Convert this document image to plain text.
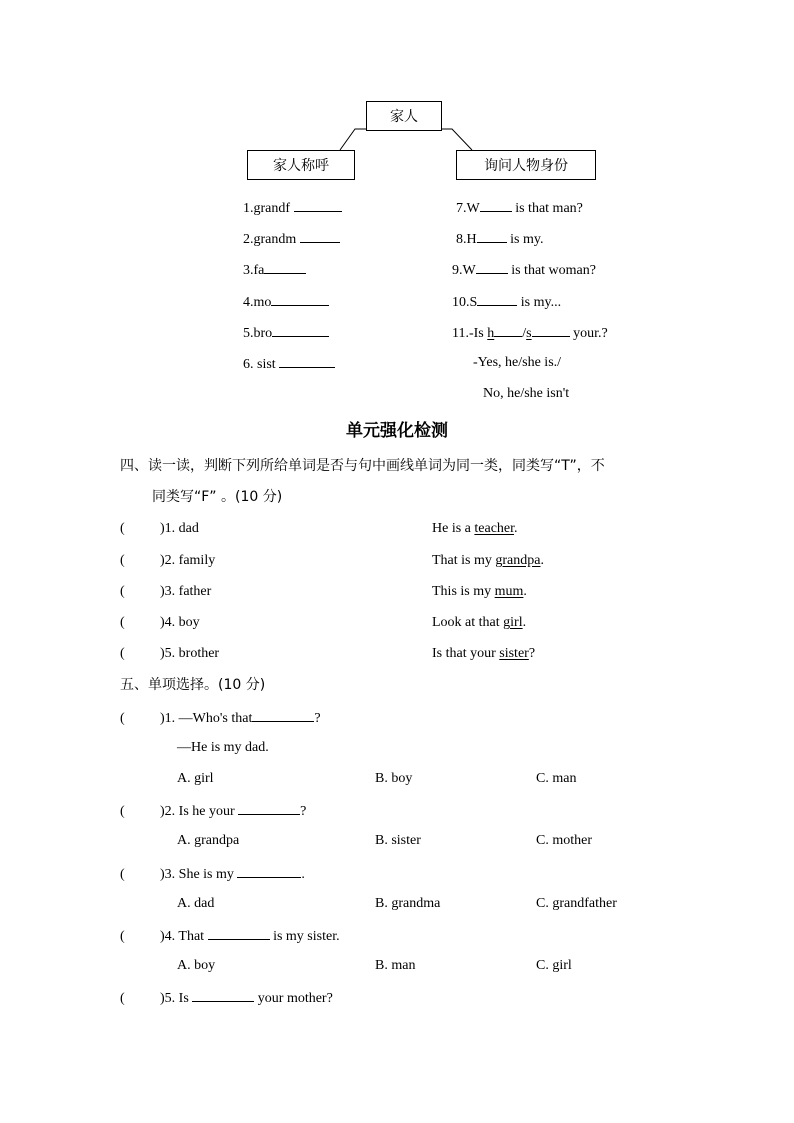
家人
家人称呼	询问人物身份
1.grandf
2.grandm
3.fa
4.mo
5.bro
6. sist
7.W is that man?
8.H is my.
9.W is that woman?
10.S	is my...
11.-Is h /s	your.?
-Yes, he/she is./
No, he/she isn't
单元强化检测
四、读一读，判断下列所给单词是否与句中画线单词为同一类，同类写“T”，不
同类写“F” 。(10 分)
(	)1. dad	He is a teacher.
(	)2. family	That is my grandpa.
(	)3. father	This is my mum.
(	)4. boy	Look at that girl.
(	)5. brother	Is that your sister?
五、单项选择。(10 分)
(	)1. —Who's that	?
—He is my dad.
A. girl	B. boy	C. man
(	)2. Is he your	?
A. grandpa	B. sister	C. mother
(	)3. She is my	.
A. dad	B. grandma	C. grandfather
(	)4. That	is my sister.
A. boy	B. man	C. girl
(	)5. Is	your mother?
